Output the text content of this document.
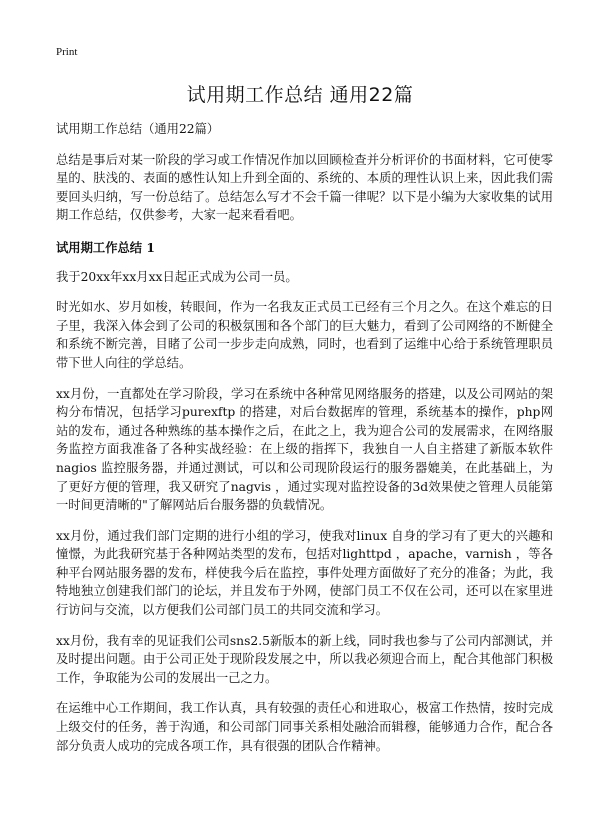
Print
试用期工作总结 通用22篇

试用期工作总结（通用22篇）

总结是事后对某一阶段的学习或工作情况作加以回顾检查并分析评价的书面材料，它可使零星的、肤浅的、表面的感性认知上升到全面的、系统的、本质的理性认识上来，因此我们需要回头归纳，写一份总结了。总结怎么写才不会千篇一律呢？以下是小编为大家收集的试用期工作总结，仅供参考，大家一起来看看吧。

试用期工作总结 1

我于20xx年xx月xx日起正式成为公司一员。

时光如水、岁月如梭，转眼间，作为一名我友正式员工已经有三个月之久。在这个难忘的日子里，我深入体会到了公司的积极氛围和各个部门的巨大魅力，看到了公司网络的不断健全和系统不断完善，目睹了公司一步步走向成熟，同时，也看到了运维中心给于系统管理职员带下世人向往的学总结。

xx月份，一直都处在学习阶段，学习在系统中各种常见网络服务的搭建，以及公司网站的架构分布情况，包括学习purexftp 的搭建，对后台数据库的管理，系统基本的操作，php网站的发布，通过各种熟练的基本操作之后，在此之上，我为迎合公司的发展需求，在网络服务监控方面我准备了各种实战经验：在上级的指挥下，我独自一人自主搭建了新版本软件nagios 监控服务器，并通过测试，可以和公司现阶段运行的服务器媲美，在此基础上，为了更好方便的管理，我又研究了nagvis ，通过实现对监控设备的3d效果使之管理人员能第一时间更清晰的"了解网站后台服务器的负载情况。

xx月份，通过我们部门定期的进行小组的学习，使我对linux 自身的学习有了更大的兴趣和憧憬，为此我研究基于各种网站类型的发布，包括对lighttpd ，apache，varnish ，等各种平台网站服务器的发布，样使我今后在监控，事件处理方面做好了充分的准备；为此，我特地独立创建我们部门的论坛，并且发布于外网，使部门员工不仅在公司，还可以在家里进行访问与交流，以方便我们公司部门员工的共同交流和学习。

xx月份，我有幸的见证我们公司sns2.5新版本的新上线，同时我也参与了公司内部测试，并及时提出问题。由于公司正处于现阶段发展之中，所以我必须迎合而上，配合其他部门积极工作，争取能为公司的发展出一己之力。

在运维中心工作期间，我工作认真，具有较强的责任心和进取心，极富工作热情，按时完成上级交付的任务，善于沟通，和公司部门同事关系相处融洽而辑穆，能够通力合作，配合各部分负责人成功的完成各项工作，具有很强的团队合作精神。
